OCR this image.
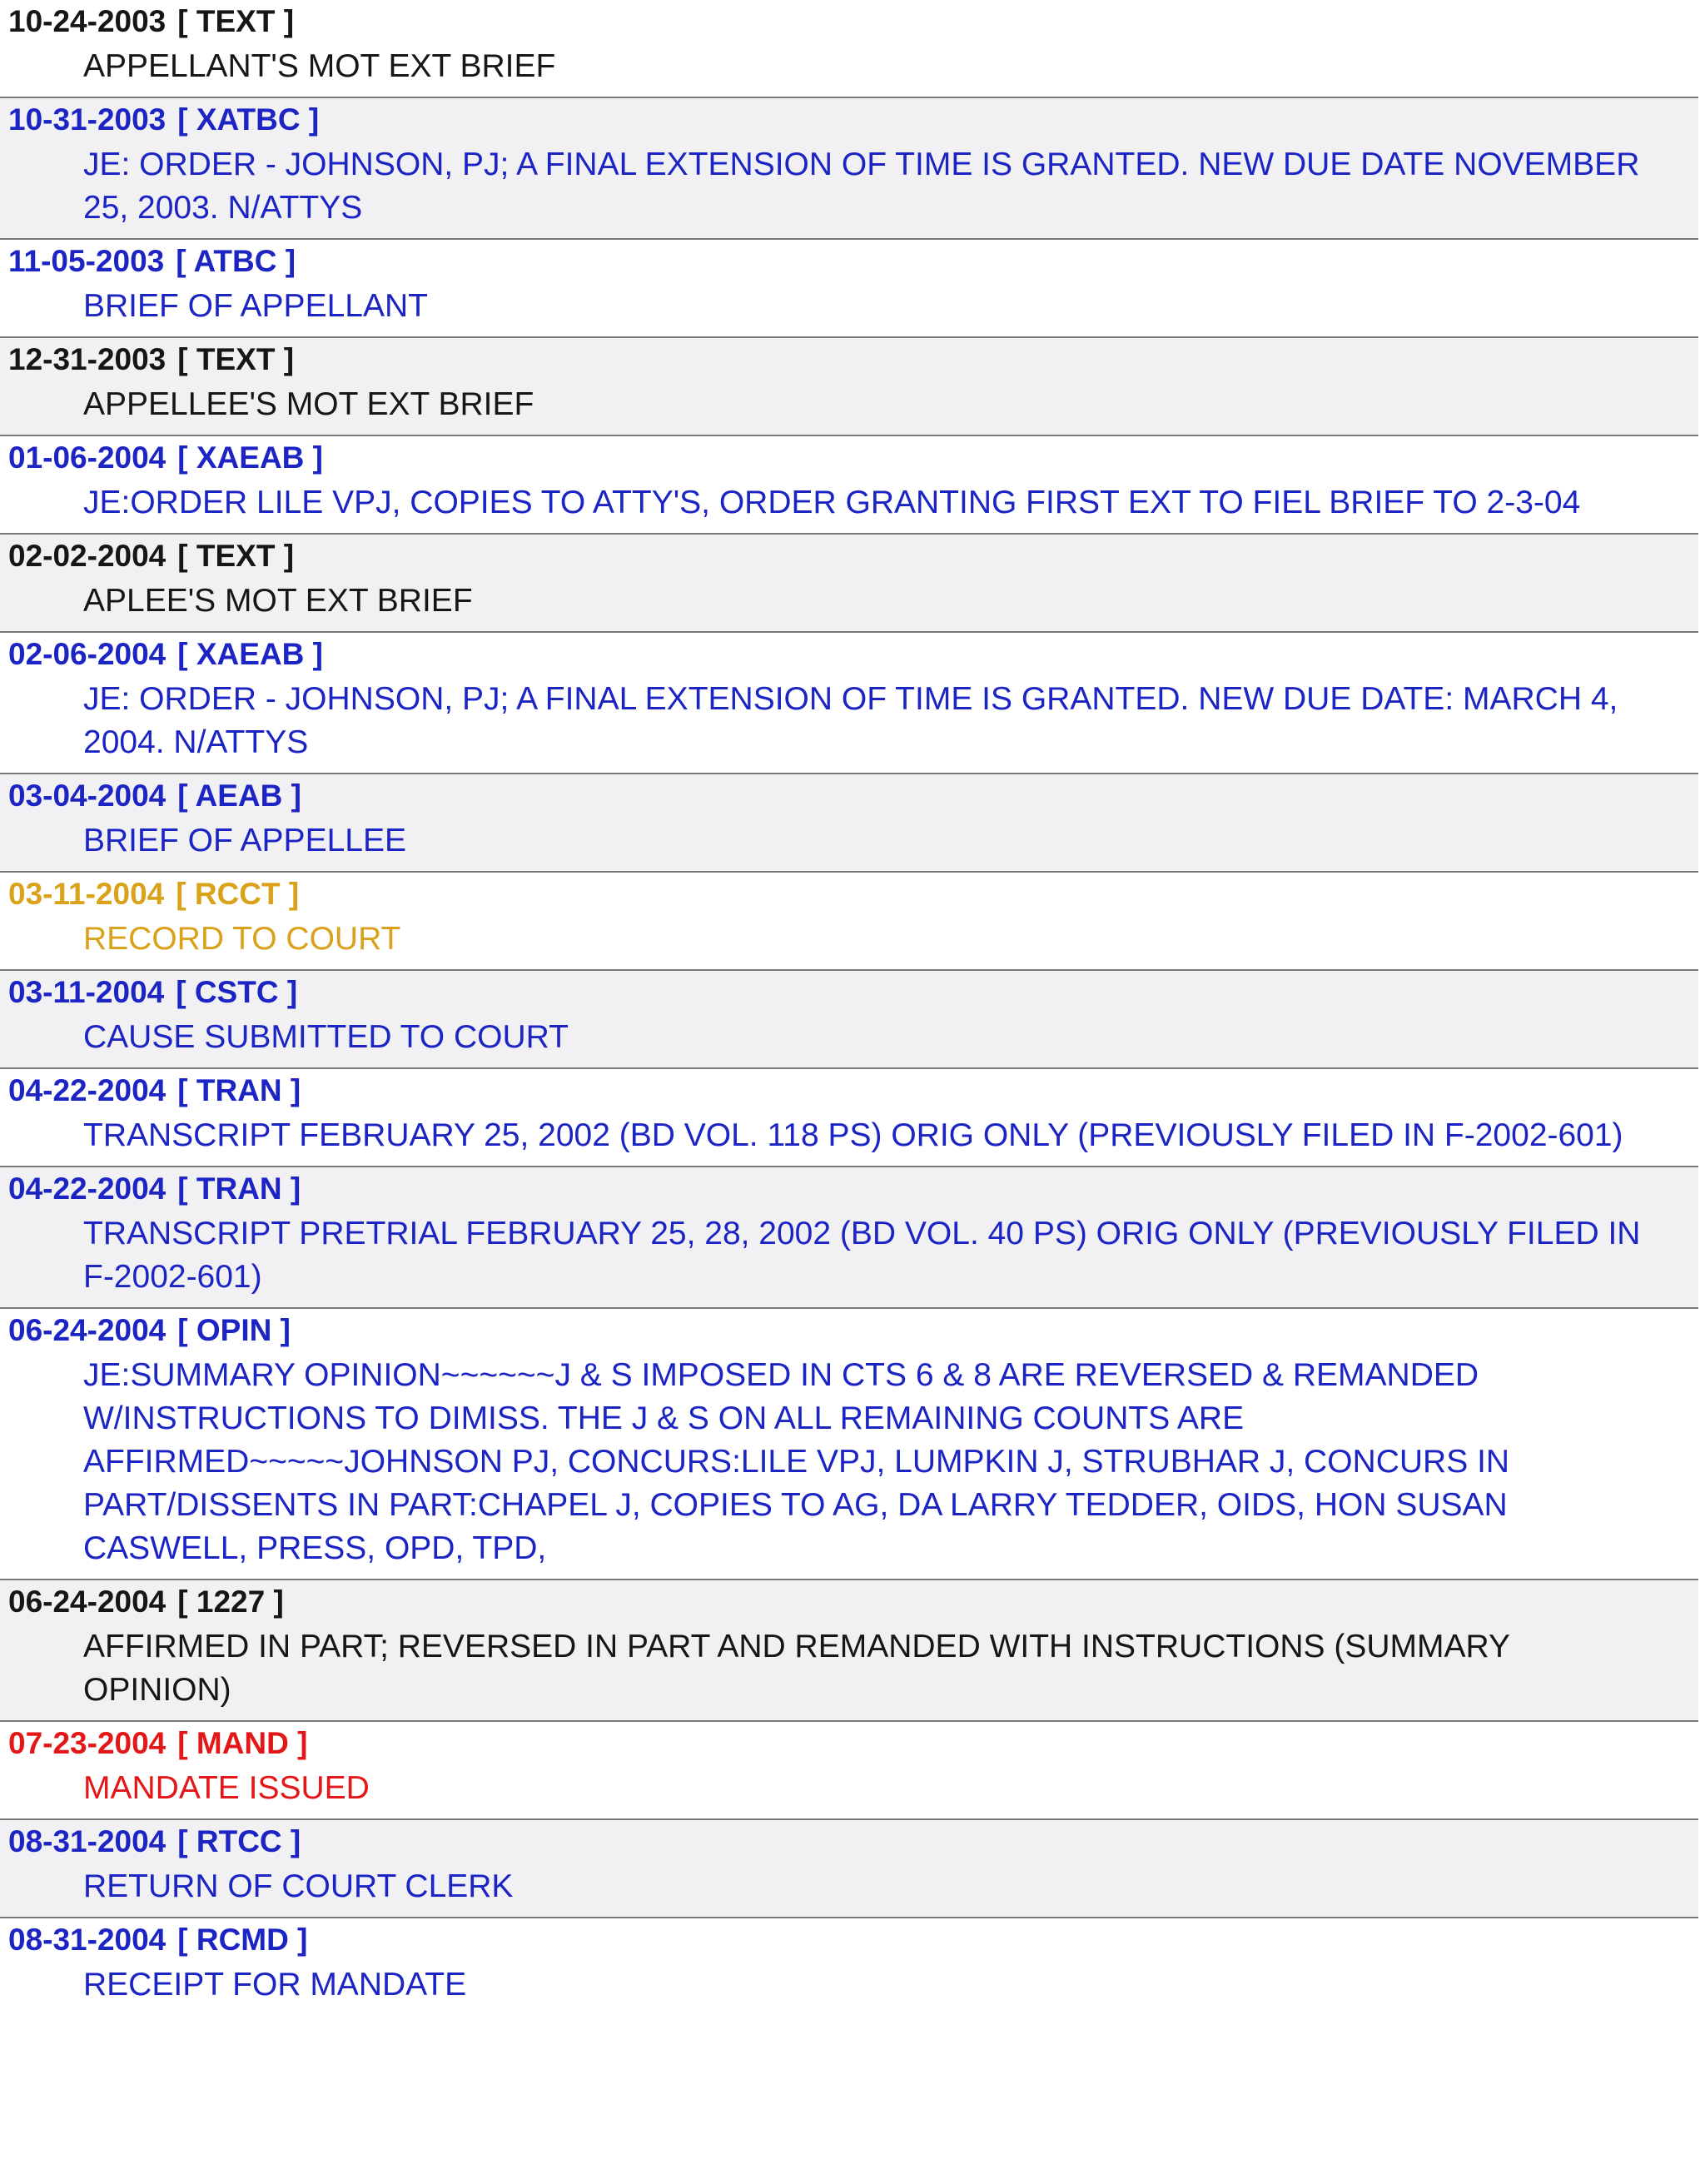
10-24-2003 [ TEXT ]

APPELLANT'S MOT EXT BRIEF

10-31-2003 [ XATBC ]

JE: ORDER - JOHNSON, PJ; A FINAL EXTENSION OF TIME IS GRANTED. NEW DUE DATE NOVEMBER 25, 2003. N/ATTYS

11-05-2003 [ ATBC ]

BRIEF OF APPELLANT

12-31-2003 [ TEXT ]

APPELLEE'S MOT EXT BRIEF

01-06-2004 [ XAEAB ]

JE:ORDER LILE VPJ, COPIES TO ATTY'S, ORDER GRANTING FIRST EXT TO FIEL BRIEF TO 2-3-04

02-02-2004 [ TEXT ]

APLEE'S MOT EXT BRIEF

02-06-2004 [ XAEAB ]

JE: ORDER - JOHNSON, PJ; A FINAL EXTENSION OF TIME IS GRANTED. NEW DUE DATE: MARCH 4, 2004. N/ATTYS

03-04-2004 [ AEAB ]

BRIEF OF APPELLEE

03-11-2004 [ RCCT ]

RECORD TO COURT

03-11-2004 [ CSTC ]

CAUSE SUBMITTED TO COURT

04-22-2004 [ TRAN ]

TRANSCRIPT FEBRUARY 25, 2002 (BD VOL. 118 PS) ORIG ONLY (PREVIOUSLY FILED IN F-2002-601)

04-22-2004 [ TRAN ]

TRANSCRIPT PRETRIAL FEBRUARY 25, 28, 2002 (BD VOL. 40 PS) ORIG ONLY (PREVIOUSLY FILED IN F-2002-601)

06-24-2004 [ OPIN ]

JE:SUMMARY OPINION~~~~~~J & S IMPOSED IN CTS 6 & 8 ARE REVERSED & REMANDED W/INSTRUCTIONS TO DIMISS. THE J & S ON ALL REMAINING COUNTS ARE AFFIRMED~~~~~JOHNSON PJ, CONCURS:LILE VPJ, LUMPKIN J, STRUBHAR J, CONCURS IN PART/DISSENTS IN PART:CHAPEL J, COPIES TO AG, DA LARRY TEDDER, OIDS, HON SUSAN CASWELL, PRESS, OPD, TPD,

06-24-2004 [ 1227 ]

AFFIRMED IN PART; REVERSED IN PART AND REMANDED WITH INSTRUCTIONS (SUMMARY OPINION)

07-23-2004 [ MAND ]

MANDATE ISSUED

08-31-2004 [ RTCC ]

RETURN OF COURT CLERK

08-31-2004 [ RCMD ]

RECEIPT FOR MANDATE
